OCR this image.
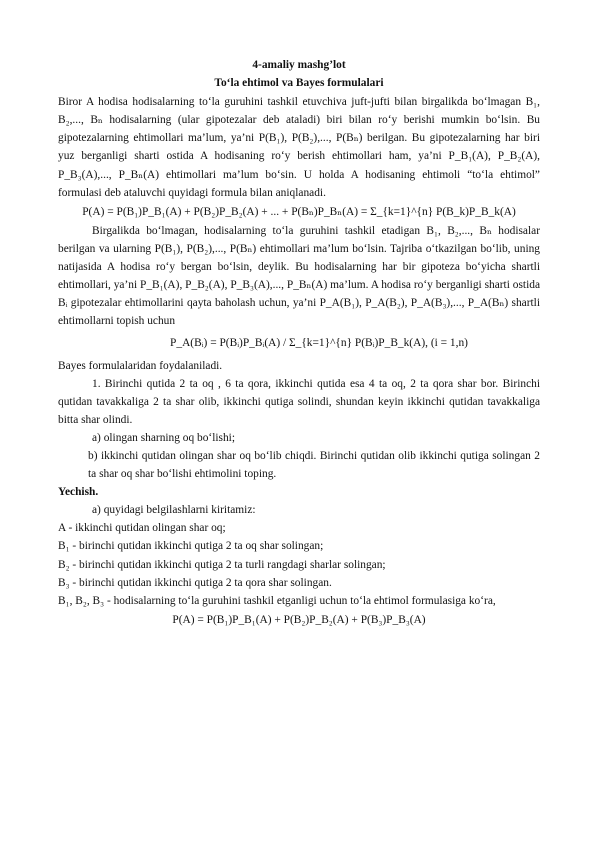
4-amaliy mashg’lot

To‘la ehtimol va Bayes formulalari

Biror A hodisa hodisalarning to‘la guruhini tashkil etuvchiva juft-jufti bilan birgalikda bo‘lmagan B₁, B₂,..., Bₙ hodisalarning (ular gipotezalar deb ataladi) biri bilan ro‘y berishi mumkin bo‘lsin. Bu gipotezalarning ehtimollari ma’lum, ya’ni P(B₁), P(B₂),..., P(Bₙ) berilgan. Bu gipotezalarning har biri yuz berganligi sharti ostida A hodisaning ro‘y berish ehtimollari ham, ya’ni P_B₁(A), P_B₂(A), P_B₃(A),..., P_Bₙ(A) ehtimollari ma’lum bo‘sin. U holda A hodisaning ehtimoli “to‘la ehtimol” formulasi deb ataluvchi quyidagi formula bilan aniqlanadi.

P(A) = P(B₁)P_B₁(A) + P(B₂)P_B₂(A) + ... + P(Bₙ)P_Bₙ(A) = Σ_{k=1}^{n} P(B_k)P_B_k(A)

Birgalikda bo‘lmagan, hodisalarning to‘la guruhini tashkil etadigan B₁, B₂,..., Bₙ hodisalar berilgan va ularning P(B₁), P(B₂),..., P(Bₙ) ehtimollari ma’lum bo‘lsin. Tajriba o‘tkazilgan bo‘lib, uning natijasida A hodisa ro‘y bergan bo‘lsin, deylik. Bu hodisalarning har bir gipoteza bo‘yicha shartli ehtimollari, ya’ni P_B₁(A), P_B₂(A), P_B₃(A),..., P_Bₙ(A) ma’lum. A hodisa ro‘y berganligi sharti ostida Bᵢ gipotezalar ehtimollarini qayta baholash uchun, ya’ni P_A(B₁), P_A(B₂), P_A(B₃),..., P_A(Bₙ) shartli ehtimollarni topish uchun

P_A(Bᵢ) = P(Bᵢ)P_Bᵢ(A) / Σ_{k=1}^{n} P(Bᵢ)P_B_k(A), (i = 1,n)

Bayes formulalaridan foydalaniladi.

1. Birinchi qutida 2 ta oq , 6 ta qora, ikkinchi qutida esa 4 ta oq, 2 ta qora shar bor. Birinchi qutidan tavakkaliga 2 ta shar olib, ikkinchi qutiga solindi, shundan keyin ikkinchi qutidan tavakkaliga bitta shar olindi.

a) olingan sharning oq bo‘lishi;

b) ikkinchi qutidan olingan shar oq bo‘lib chiqdi. Birinchi qutidan olib ikkinchi qutiga solingan 2 ta shar oq shar bo‘lishi ehtimolini toping.

Yechish.

a) quyidagi belgilashlarni kiritamiz:

A - ikkinchi qutidan olingan shar oq;

B₁ - birinchi qutidan ikkinchi qutiga 2 ta oq shar solingan;

B₂ - birinchi qutidan ikkinchi qutiga 2 ta turli rangdagi sharlar solingan;

B₃ - birinchi qutidan ikkinchi qutiga 2 ta qora shar solingan.

B₁, B₂, B₃ - hodisalarning to‘la guruhini tashkil etganligi uchun to‘la ehtimol formulasiga ko‘ra,

P(A) = P(B₁)P_B₁(A) + P(B₂)P_B₂(A) + P(B₃)P_B₃(A)
